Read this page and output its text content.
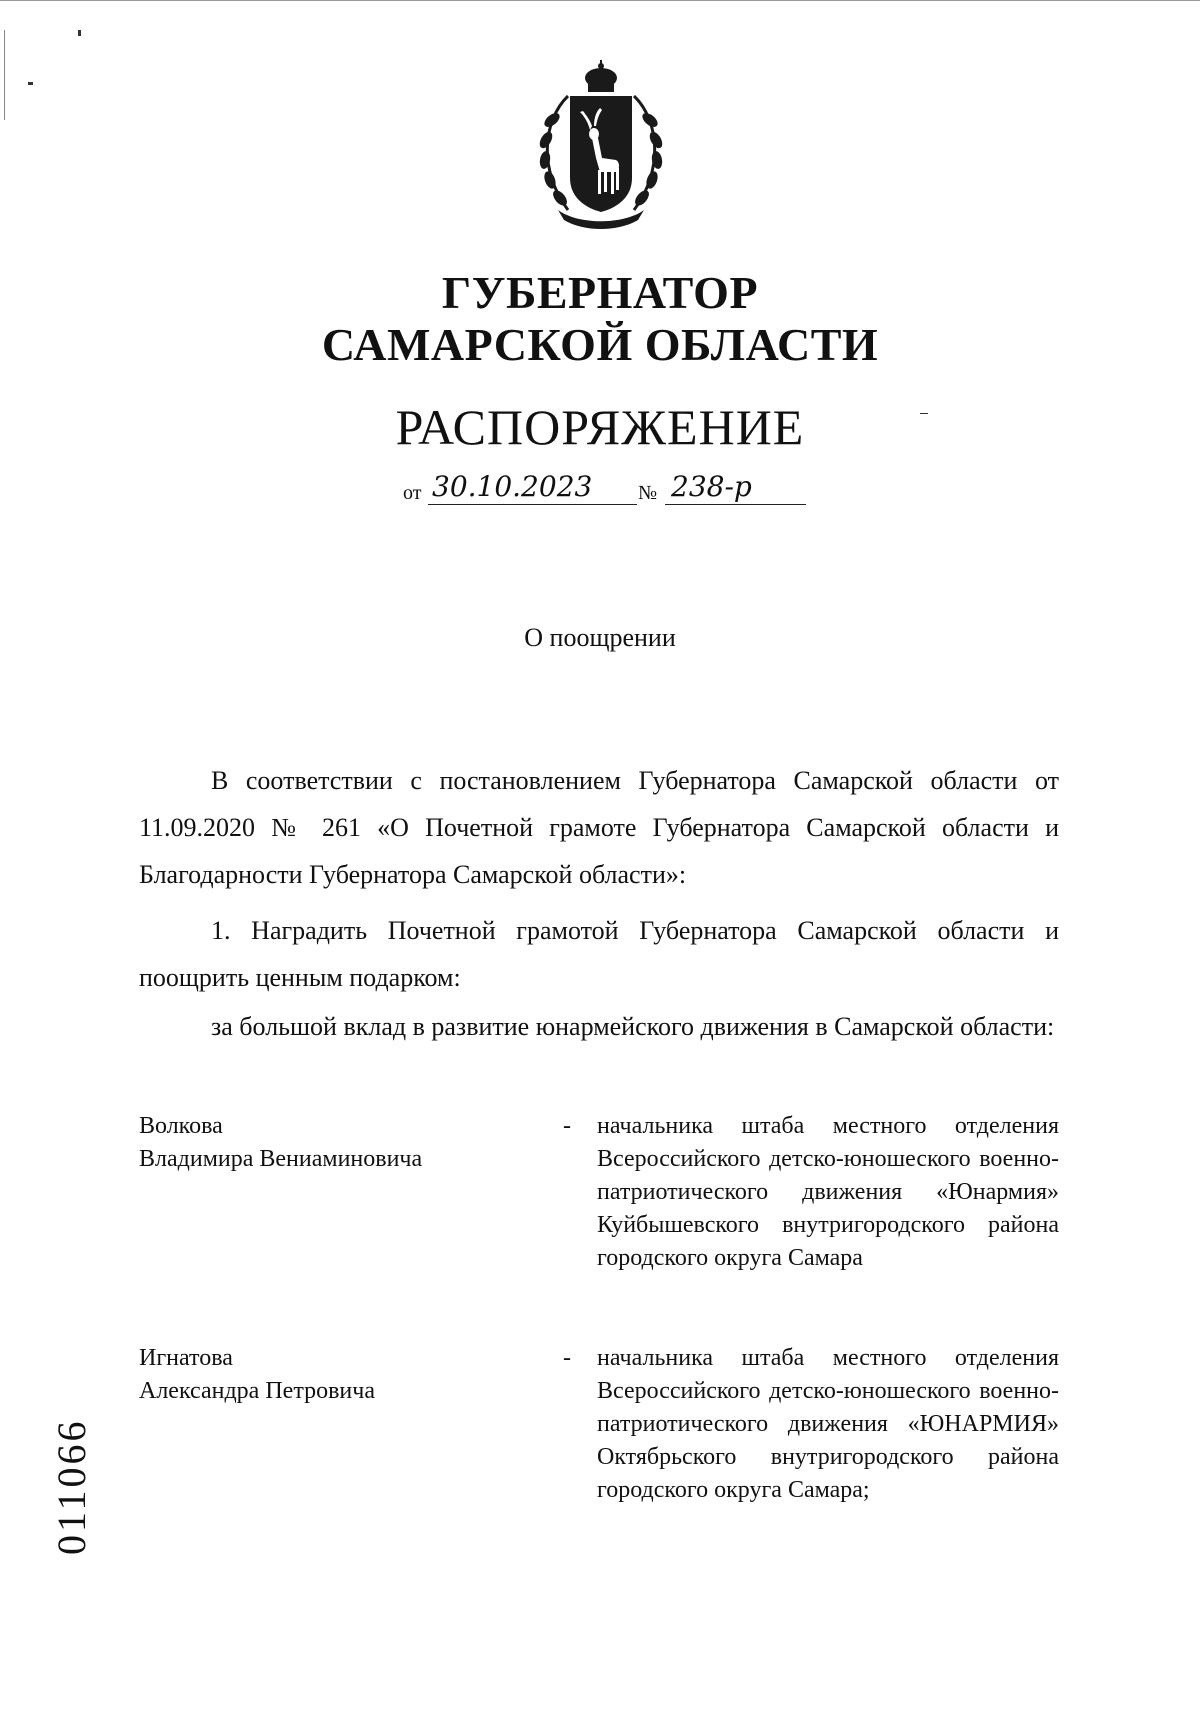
ГУБЕРНАТОР
САМАРСКОЙ ОБЛАСТИ
РАСПОРЯЖЕНИЕ
от 30.10.2023	№ 238-р
О поощрении
В соответствии с постановлением Губернатора Самарской области от 11.09.2020 № 261 «О Почетной грамоте Губернатора Самарской области и Благодарности Губернатора Самарской области»:
1. Наградить Почетной грамотой Губернатора Самарской области и поощрить ценным подарком:
за большой вклад в развитие юнармейского движения в Самарской области:
Волкова
Владимира Вениаминовича
- начальника штаба местного отделения Всероссийского детско-юношеского военно-патриотического движения «Юнармия» Куйбышевского внутригородского района городского округа Самара
Игнатова
Александра Петровича
- начальника штаба местного отделения Всероссийского детско-юношеского военно-патриотического движения «ЮНАРМИЯ» Октябрьского внутригородского района городского округа Самара;
011066
